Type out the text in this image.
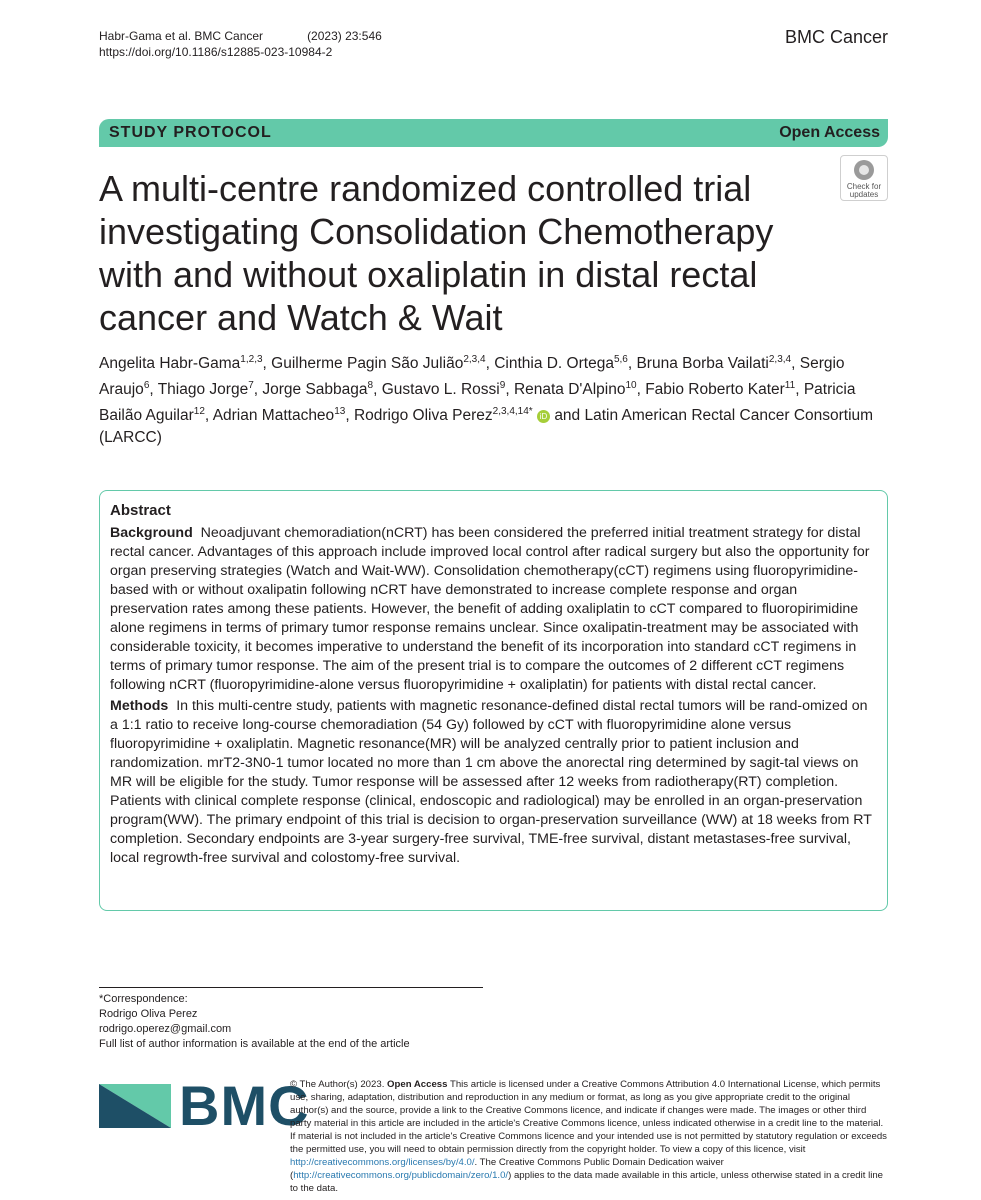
Habr-Gama et al. BMC Cancer	(2023) 23:546
https://doi.org/10.1186/s12885-023-10984-2
BMC Cancer
STUDY PROTOCOL	Open Access
Check for
updates
A multi-centre randomized controlled trial investigating Consolidation Chemotherapy with and without oxaliplatin in distal rectal cancer and Watch & Wait
Angelita Habr-Gama$^{1,2,3}$, Guilherme Pagin São Julião$^{2,3,4}$, Cinthia D. Ortega$^{5,6}$, Bruna Borba Vailati$^{2,3,4}$, Sergio Araujo$^6$, Thiago Jorge$^7$, Jorge Sabbaga$^8$, Gustavo L. Rossi$^9$, Renata D'Alpino$^{10}$, Fabio Roberto Kater$^{11}$, Patricia Bailão Aguilar$^{12}$, Adrian Mattacheo$^{13}$, Rodrigo Oliva Perez$^{2,3,4,14*}$ iD and Latin American Rectal Cancer Consortium (LARCC)
Abstract

Background Neoadjuvant chemoradiation(nCRT) has been considered the preferred initial treatment strategy for distal rectal cancer. Advantages of this approach include improved local control after radical surgery but also the opportunity for organ preserving strategies (Watch and Wait-WW). Consolidation chemotherapy(cCT) regimens using fluoropyrimidine-based with or without oxalipatin following nCRT have demonstrated to increase complete response and organ preservation rates among these patients. However, the benefit of adding oxaliplatin to cCT compared to fluoropirimidine alone regimens in terms of primary tumor response remains unclear. Since oxalipatin-treatment may be associated with considerable toxicity, it becomes imperative to understand the benefit of its incorporation into standard cCT regimens in terms of primary tumor response. The aim of the present trial is to compare the outcomes of 2 different cCT regimens following nCRT (fluoropyrimidine-alone versus fluoropyrimidine + oxaliplatin) for patients with distal rectal cancer.

Methods In this multi-centre study, patients with magnetic resonance-defined distal rectal tumors will be rand-omized on a 1:1 ratio to receive long-course chemoradiation (54 Gy) followed by cCT with fluoropyrimidine alone versus fluoropyrimidine + oxaliplatin. Magnetic resonance(MR) will be analyzed centrally prior to patient inclusion and randomization. mrT2-3N0-1 tumor located no more than 1 cm above the anorectal ring determined by sagit-tal views on MR will be eligible for the study. Tumor response will be assessed after 12 weeks from radiotherapy(RT) completion. Patients with clinical complete response (clinical, endoscopic and radiological) may be enrolled in an organ-preservation program(WW). The primary endpoint of this trial is decision to organ-preservation surveillance (WW) at 18 weeks from RT completion. Secondary endpoints are 3-year surgery-free survival, TME-free survival, distant metastases-free survival, local regrowth-free survival and colostomy-free survival.

*Correspondence:
Rodrigo Oliva Perez
rodrigo.operez@gmail.com
Full list of author information is available at the end of the article
BMC
© The Author(s) 2023. Open Access This article is licensed under a Creative Commons Attribution 4.0 International License, which permits use, sharing, adaptation, distribution and reproduction in any medium or format, as long as you give appropriate credit to the original author(s) and the source, provide a link to the Creative Commons licence, and indicate if changes were made. The images or other third party material in this article are included in the article's Creative Commons licence, unless indicated otherwise in a credit line to the material. If material is not included in the article's Creative Commons licence and your intended use is not permitted by statutory regulation or exceeds the permitted use, you will need to obtain permission directly from the copyright holder. To view a copy of this licence, visit http://creativecommons.org/licenses/by/4.0/. The Creative Commons Public Domain Dedication waiver (http://creativecommons.org/publicdomain/zero/1.0/) applies to the data made available in this article, unless otherwise stated in a credit line to the data.
